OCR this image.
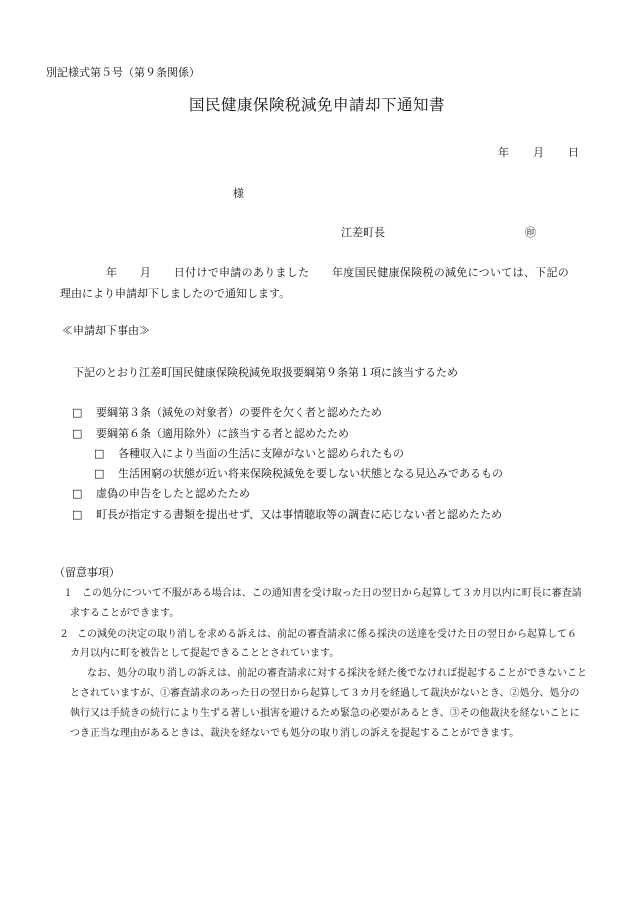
別記様式第５号（第９条関係）
国民健康保険税減免申請却下通知書
年 月 日
様
江差町長	㊞
年　　月　　日付けで申請のありました　　年度国民健康保険税の減免については、下記の
理由により申請却下しましたので通知します。
≪申請却下事由≫
下記のとおり江差町国民健康保険税減免取扱要綱第９条第１項に該当するため
□ 要綱第３条（減免の対象者）の要件を欠く者と認めたため
□ 要綱第６条（適用除外）に該当する者と認めたため
□ 各種収入により当面の生活に支障がないと認められたもの
□ 生活困窮の状態が近い将来保険税減免を要しない状態となる見込みであるもの
□ 虚偽の申告をしたと認めたため
□ 町長が指定する書類を提出せず、又は事情聴取等の調査に応じない者と認めたため
（留意事項）
１ この処分について不服がある場合は、この通知書を受け取った日の翌日から起算して３カ月以内に町長に審査請
求することができます。
２ この減免の決定の取り消しを求める訴えは、前記の審査請求に係る採決の送達を受けた日の翌日から起算して６
カ月以内に町を被告として提起できることとされています。
なお、処分の取り消しの訴えは、前記の審査請求に対する採決を経た後でなければ提起することができないこと
とされていますが、①審査請求のあった日の翌日から起算して３カ月を経過して裁決がないとき、②処分、処分の
執行又は手続きの続行により生ずる著しい損害を避けるため緊急の必要があるとき、③その他裁決を経ないことに
つき正当な理由があるときは、裁決を経ないでも処分の取り消しの訴えを提起することができます。
